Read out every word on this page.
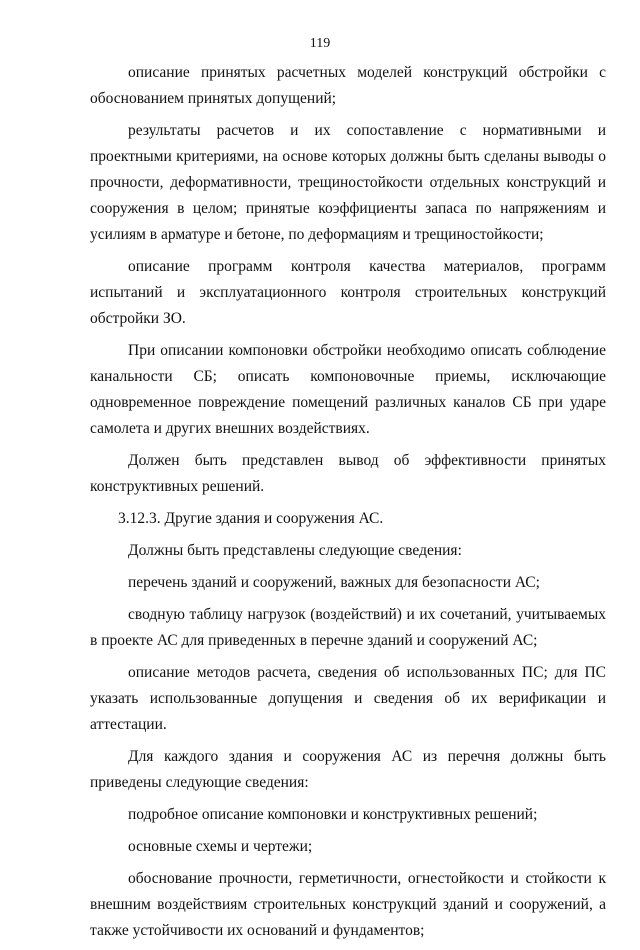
119

описание принятых расчетных моделей конструкций обстройки с обоснованием принятых допущений;

результаты расчетов и их сопоставление с нормативными и проектными критериями, на основе которых должны быть сделаны выводы о прочности, деформативности, трещиностойкости отдельных конструкций и сооружения в целом; принятые коэффициенты запаса по напряжениям и усилиям в арматуре и бетоне, по деформациям и трещиностойкости;

описание программ контроля качества материалов, программ испытаний и эксплуатационного контроля строительных конструкций обстройки ЗО.

При описании компоновки обстройки необходимо описать соблюдение канальности СБ; описать компоновочные приемы, исключающие одновременное повреждение помещений различных каналов СБ при ударе самолета и других внешних воздействиях.

Должен быть представлен вывод об эффективности принятых конструктивных решений.

3.12.3. Другие здания и сооружения АС.

Должны быть представлены следующие сведения:

перечень зданий и сооружений, важных для безопасности АС;

сводную таблицу нагрузок (воздействий) и их сочетаний, учитываемых в проекте АС для приведенных в перечне зданий и сооружений АС;

описание методов расчета, сведения об использованных ПС; для ПС указать использованные допущения и сведения об их верификации и аттестации.

Для каждого здания и сооружения АС из перечня должны быть приведены следующие сведения:

подробное описание компоновки и конструктивных решений;

основные схемы и чертежи;

обоснование прочности, герметичности, огнестойкости и стойкости к внешним воздействиям строительных конструкций зданий и сооружений, а также устойчивости их оснований и фундаментов;
